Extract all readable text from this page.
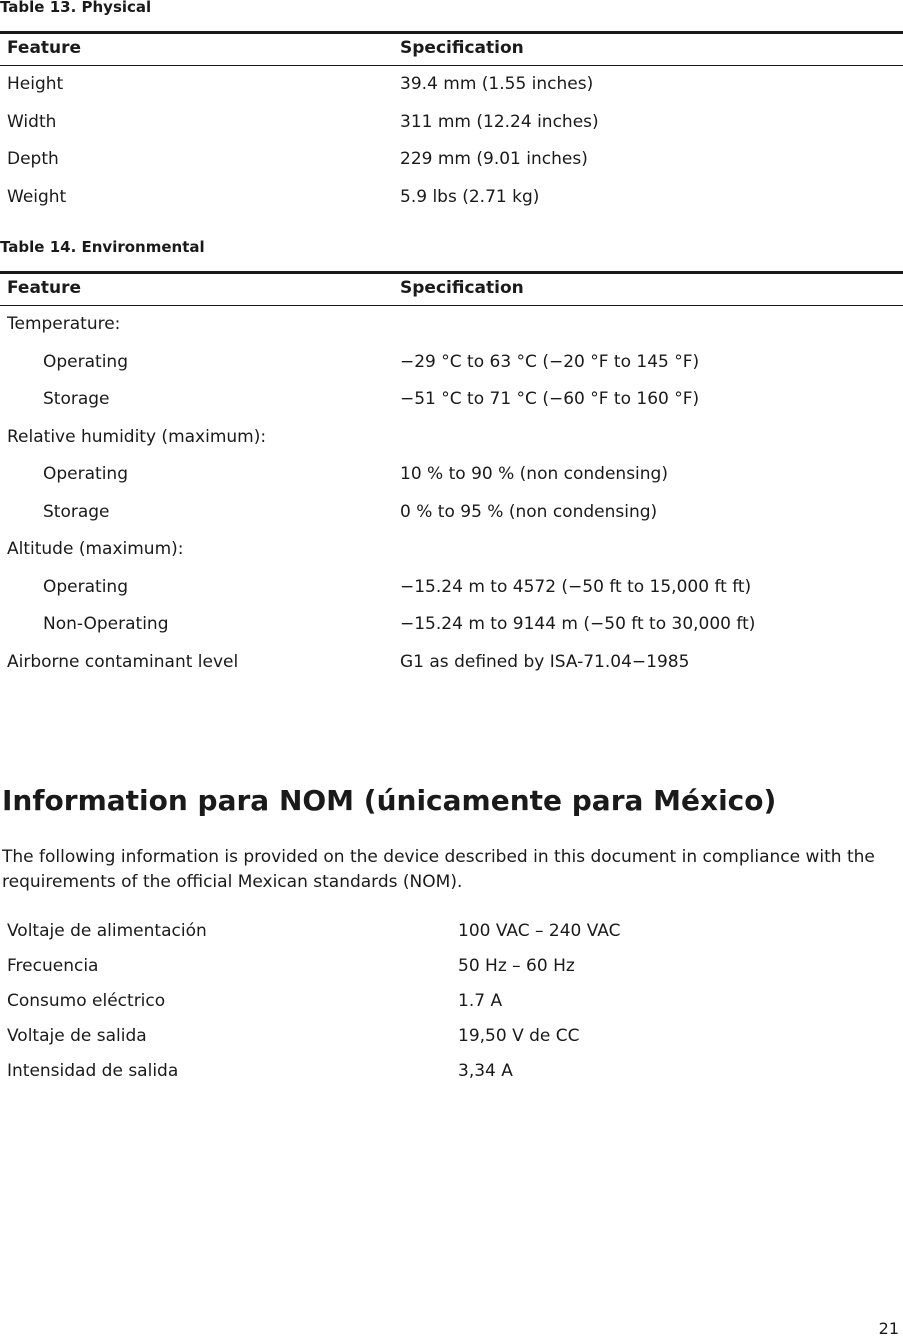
Table 13. Physical
Feature	Specification
Height	39.4 mm (1.55 inches)
Width	311 mm (12.24 inches)
Depth	229 mm (9.01 inches)
Weight	5.9 lbs (2.71 kg)
Table 14. Environmental
Feature	Specification
Temperature:
Operating	−29 °C to 63 °C (−20 °F to 145 °F)
Storage	−51 °C to 71 °C (−60 °F to 160 °F)
Relative humidity (maximum):
Operating	10 % to 90 % (non condensing)
Storage	0 % to 95 % (non condensing)
Altitude (maximum):
Operating	−15.24 m to 4572 (−50 ft to 15,000 ft ft)
Non-Operating	−15.24 m to 9144 m (−50 ft to 30,000 ft)
Airborne contaminant level	G1 as defined by ISA-71.04−1985
Information para NOM (únicamente para México)

The following information is provided on the device described in this document in compliance with the requirements of the official Mexican standards (NOM).

Voltaje de alimentación	100 VAC – 240 VAC
Frecuencia	50 Hz – 60 Hz
Consumo eléctrico	1.7 A
Voltaje de salida	19,50 V de CC
Intensidad de salida	3,34 A
21
